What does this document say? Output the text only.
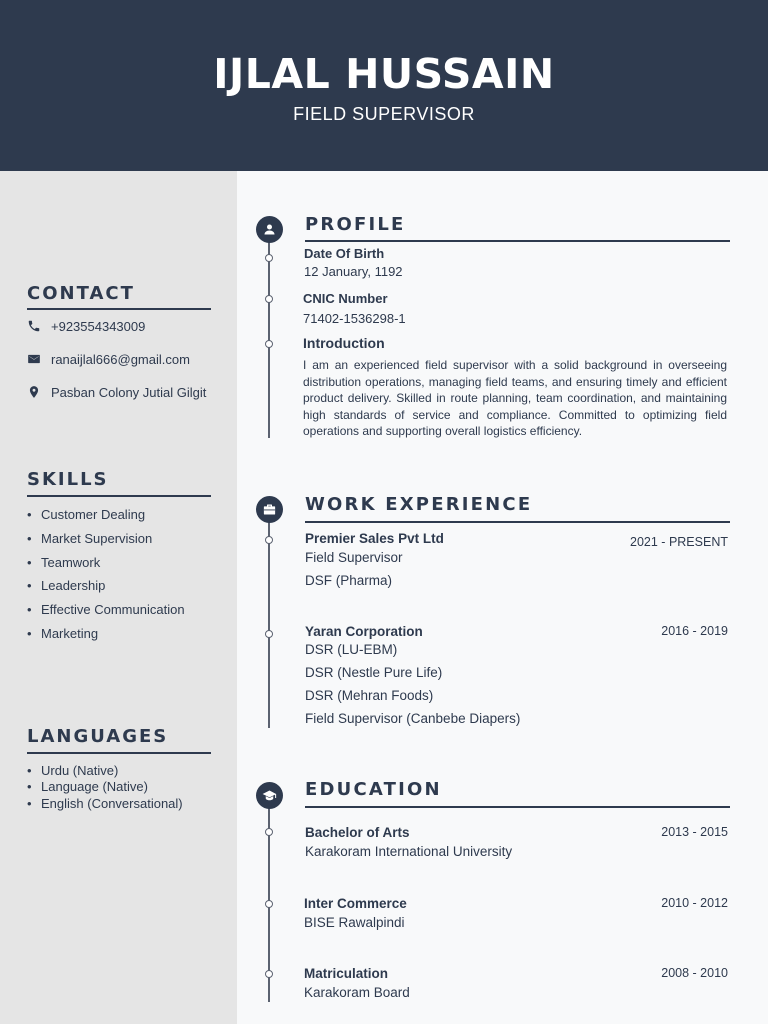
IJLAL HUSSAIN
FIELD SUPERVISOR
CONTACT
+923554343009
ranaijlal666@gmail.com
Pasban Colony Jutial Gilgit
SKILLS
• Customer Dealing
• Market Supervision
• Teamwork
• Leadership
• Effective Communication
• Marketing
LANGUAGES
• Urdu (Native)
• Language (Native)
• English (Conversational)
PROFILE
Date Of Birth
12 January, 1192
CNIC Number
71402-1536298-1
Introduction
I am an experienced field supervisor with a solid background in overseeing distribution operations, managing field teams, and ensuring timely and efficient product delivery. Skilled in route planning, team coordination, and maintaining high standards of service and compliance. Committed to optimizing field operations and supporting overall logistics efficiency.
WORK EXPERIENCE
Premier Sales Pvt Ltd	2021 - PRESENT
Field Supervisor
DSF (Pharma)
Yaran Corporation	2016 - 2019
DSR (LU-EBM)
DSR (Nestle Pure Life)
DSR (Mehran Foods)
Field Supervisor (Canbebe Diapers)
EDUCATION
Bachelor of Arts	2013 - 2015
Karakoram International University
Inter Commerce	2010 - 2012
BISE Rawalpindi
Matriculation	2008 - 2010
Karakoram Board
